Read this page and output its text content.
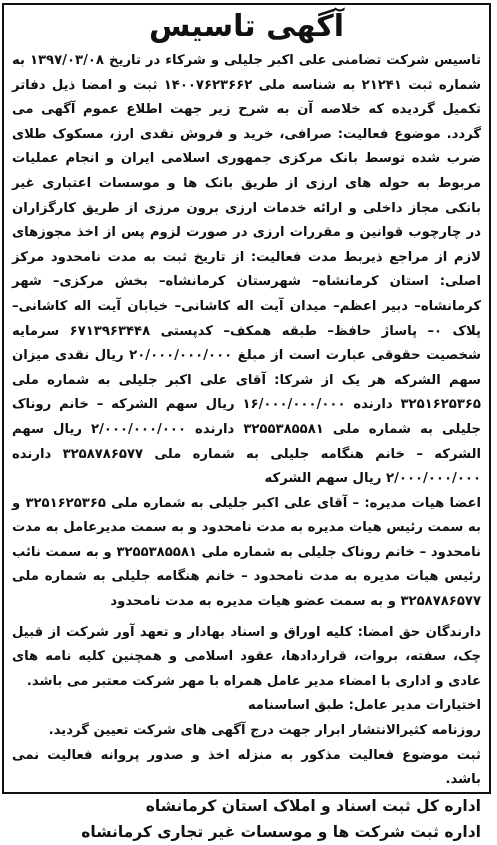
آگهی تاسیس

تاسیس شرکت تضامنی علی اکبر جلیلی و شرکاء در تاریخ ۱۳۹۷/۰۳/۰۸ به شماره ثبت ۲۱۲۴۱ به شناسه ملی ۱۴۰۰۷۶۲۳۶۶۲ ثبت و امضا ذیل دفاتر تکمیل گردیده که خلاصه آن به شرح زیر جهت اطلاع عموم آگهی می گردد. موضوع فعالیت: صرافی، خرید و فروش نقدی ارز، مسکوک طلای ضرب شده توسط بانک مرکزی جمهوری اسلامی ایران و انجام عملیات مربوط به حوله های ارزی از طریق بانک ها و موسسات اعتباری غیر بانکی مجاز داخلی و ارائه خدمات ارزی برون مرزی از طریق کارگزاران در چارچوب قوانین و مقررات ارزی در صورت لزوم پس از اخذ مجوزهای لازم از مراجع ذیربط مدت فعالیت: از تاریخ ثبت به مدت نامحدود مرکز اصلی: استان کرمانشاه– شهرستان کرمانشاه– بخش مرکزی– شهر کرمانشاه– دبیر اعظم– میدان آیت اله کاشانی– خیابان آیت اله کاشانی– پلاک ۰– پاساژ حافظ– طبقه همکف– کدپستی ۶۷۱۳۹۶۳۴۴۸ سرمایه شخصیت حقوقی عبارت است از مبلغ ۲۰/۰۰۰/۰۰۰/۰۰۰ ریال نقدی میزان سهم الشرکه هر یک از شرکا: آقای علی اکبر جلیلی به شماره ملی ۳۲۵۱۶۲۵۳۶۵ دارنده ۱۶/۰۰۰/۰۰۰/۰۰۰ ریال سهم الشرکه – خانم روناک جلیلی به شماره ملی ۳۲۵۵۳۸۵۵۸۱ دارنده ۲/۰۰۰/۰۰۰/۰۰۰ ریال سهم الشرکه – خانم هنگامه جلیلی به شماره ملی ۳۲۵۸۷۸۶۵۷۷ دارنده ۲/۰۰۰/۰۰۰/۰۰۰ ریال سهم الشرکه

اعضا هیات مدیره: – آقای علی اکبر جلیلی به شماره ملی ۳۲۵۱۶۲۵۳۶۵ و به سمت رئیس هیات مدیره به مدت نامحدود و به سمت مدیرعامل به مدت نامحدود – خانم روناک جلیلی به شماره ملی ۳۲۵۵۳۸۵۵۸۱ و به سمت نائب رئیس هیات مدیره به مدت نامحدود – خانم هنگامه جلیلی به شماره ملی ۳۲۵۸۷۸۶۵۷۷ و به سمت عضو هیات مدیره به مدت نامحدود

دارندگان حق امضا: کلیه اوراق و اسناد بهادار و تعهد آور شرکت از قبیل چک، سفته، بروات، قراردادها، عقود اسلامی و همچنین کلیه نامه های عادی و اداری با امضاء مدیر عامل همراه با مهر شرکت معتبر می باشد.

اختیارات مدیر عامل: طبق اساسنامه

روزنامه کثیرالانتشار ابرار جهت درج آگهی های شرکت تعیین گردید.

ثبت موضوع فعالیت مذکور به منزله اخذ و صدور پروانه فعالیت نمی باشد.

اداره کل ثبت اسناد و املاک استان کرمانشاه
اداره ثبت شرکت ها و موسسات غیر تجاری کرمانشاه
